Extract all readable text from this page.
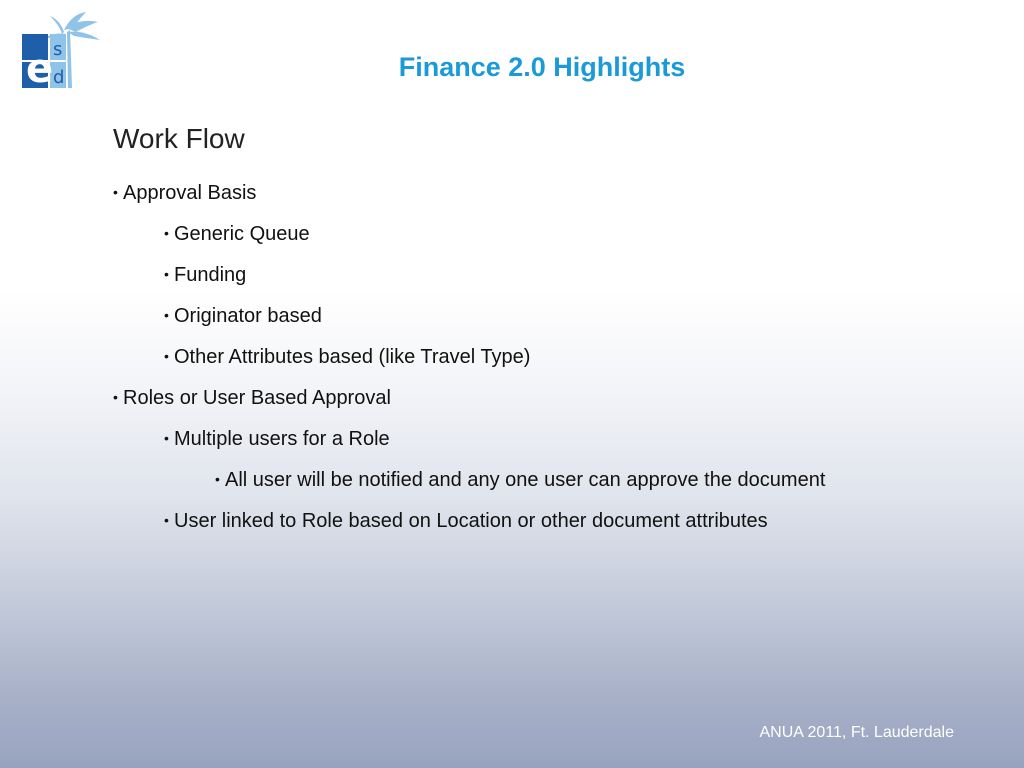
e s
d	Finance 2.0 Highlights
Work Flow
• Approval Basis
• Generic Queue
• Funding
• Originator based
• Other Attributes based (like Travel Type)
• Roles or User Based Approval
• Multiple users for a Role
• All user will be notified and any one user can approve the document
• User linked to Role based on Location or other document attributes
ANUA 2011, Ft. Lauderdale
